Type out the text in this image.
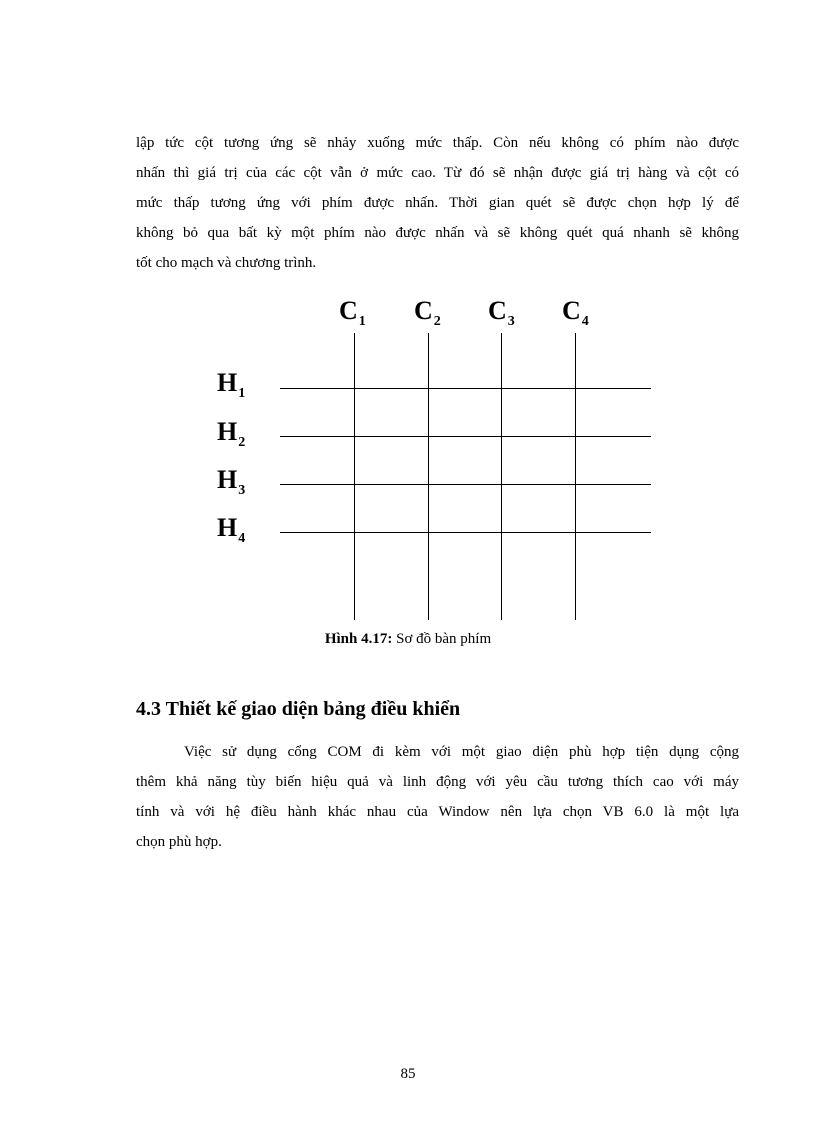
lập tức cột tương ứng sẽ nhảy xuống mức thấp. Còn nếu không có phím nào được
nhấn thì giá trị của các cột vẫn ở mức cao. Từ đó sẽ nhận được giá trị hàng và cột có
mức thấp tương ứng với phím được nhấn. Thời gian quét sẽ được chọn hợp lý để
không bỏ qua bất kỳ một phím nào được nhấn và sẽ không quét quá nhanh sẽ không
tốt cho mạch và chương trình.
$C_1$ $C_2$ $C_3$ $C_4$
$H_1$
$H_2$
$H_3$
$H_4$
Hình 4.17: Sơ đồ bàn phím
4.3 Thiết kế giao diện bảng điều khiển
Việc sử dụng cổng COM đi kèm với một giao diện phù hợp tiện dụng cộng
thêm khả năng tùy biến hiệu quả và linh động với yêu cầu tương thích cao với máy
tính và với hệ điều hành khác nhau của Window nên lựa chọn VB 6.0 là một lựa
chọn phù hợp.
85
